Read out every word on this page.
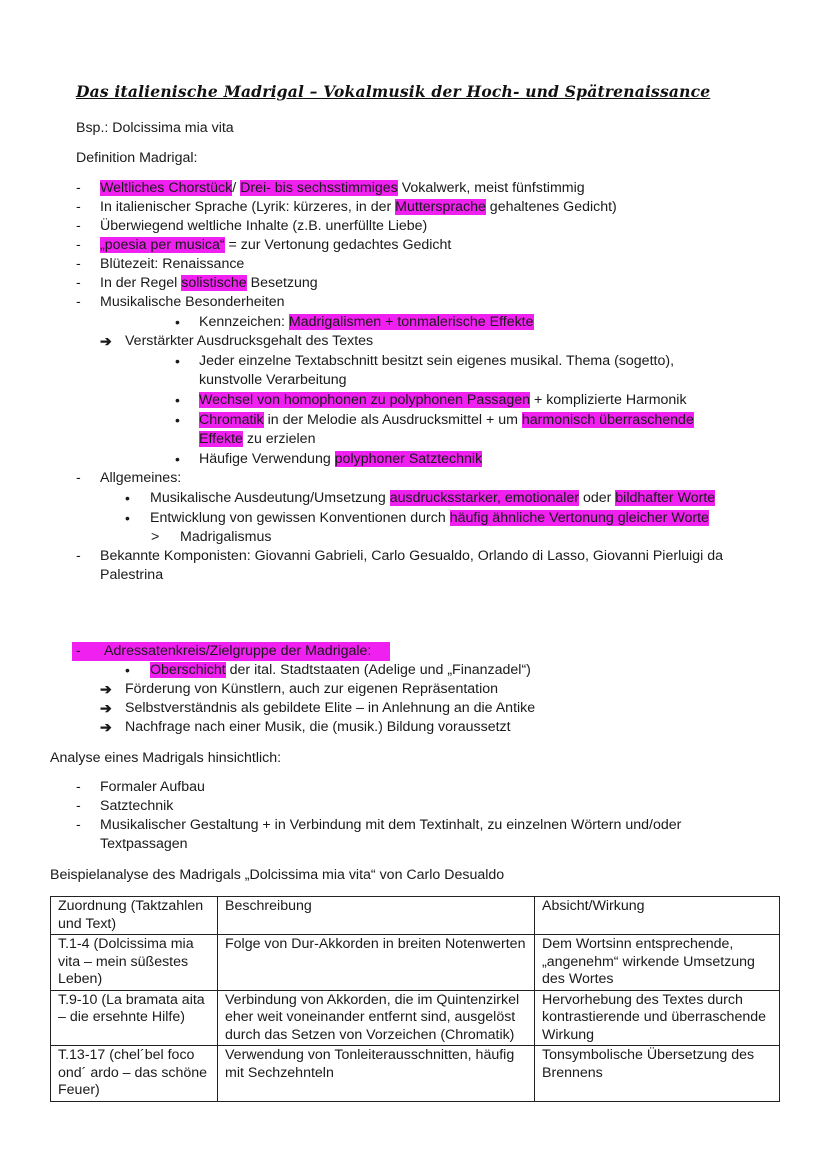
Das italienische Madrigal – Vokalmusik der Hoch- und Spätrenaissance
Bsp.: Dolcissima mia vita
Definition Madrigal:
- Weltliches Chorstück/ Drei- bis sechsstimmiges Vokalwerk, meist fünfstimmig
- In italienischer Sprache (Lyrik: kürzeres, in der Muttersprache gehaltenes Gedicht)
- Überwiegend weltliche Inhalte (z.B. unerfüllte Liebe)
- „poesia per musica“ = zur Vertonung gedachtes Gedicht
- Blütezeit: Renaissance
- In der Regel solistische Besetzung
- Musikalische Besonderheiten
• Kennzeichen: Madrigalismen + tonmalerische Effekte
➔ Verstärkter Ausdrucksgehalt des Textes
• Jeder einzelne Textabschnitt besitzt sein eigenes musikal. Thema (sogetto),
kunstvolle Verarbeitung
• Wechsel von homophonen zu polyphonen Passagen + komplizierte Harmonik
• Chromatik in der Melodie als Ausdrucksmittel + um harmonisch überraschende
Effekte zu erzielen
• Häufige Verwendung polyphoner Satztechnik
- Allgemeines:
• Musikalische Ausdeutung/Umsetzung ausdrucksstarker, emotionaler oder bildhafter Worte
• Entwicklung von gewissen Konventionen durch häufig ähnliche Vertonung gleicher Worte
> Madrigalismus
- Bekannte Komponisten: Giovanni Gabrieli, Carlo Gesualdo, Orlando di Lasso, Giovanni Pierluigi da
Palestrina
- Adressatenkreis/Zielgruppe der Madrigale:
• Oberschicht der ital. Stadtstaaten (Adelige und „Finanzadel“)
➔ Förderung von Künstlern, auch zur eigenen Repräsentation
➔ Selbstverständnis als gebildete Elite – in Anlehnung an die Antike
➔ Nachfrage nach einer Musik, die (musik.) Bildung voraussetzt
Analyse eines Madrigals hinsichtlich:
- Formaler Aufbau
- Satztechnik
- Musikalischer Gestaltung + in Verbindung mit dem Textinhalt, zu einzelnen Wörtern und/oder
Textpassagen
Beispielanalyse des Madrigals „Dolcissima mia vita“ von Carlo Desualdo
Zuordnung (Taktzahlen und Text)	Beschreibung	Absicht/Wirkung
T.1-4 (Dolcissima mia vita – mein süßestes Leben)	Folge von Dur-Akkorden in breiten Notenwerten	Dem Wortsinn entsprechende, „angenehm“ wirkende Umsetzung des Wortes
T.9-10 (La bramata aita – die ersehnte Hilfe)	Verbindung von Akkorden, die im Quintenzirkel eher weit voneinander entfernt sind, ausgelöst durch das Setzen von Vorzeichen (Chromatik)	Hervorhebung des Textes durch kontrastierende und überraschende Wirkung
T.13-17 (chel´bel foco ond´ ardo – das schöne Feuer)	Verwendung von Tonleiterausschnitten, häufig mit Sechzehnteln	Tonsymbolische Übersetzung des Brennens
